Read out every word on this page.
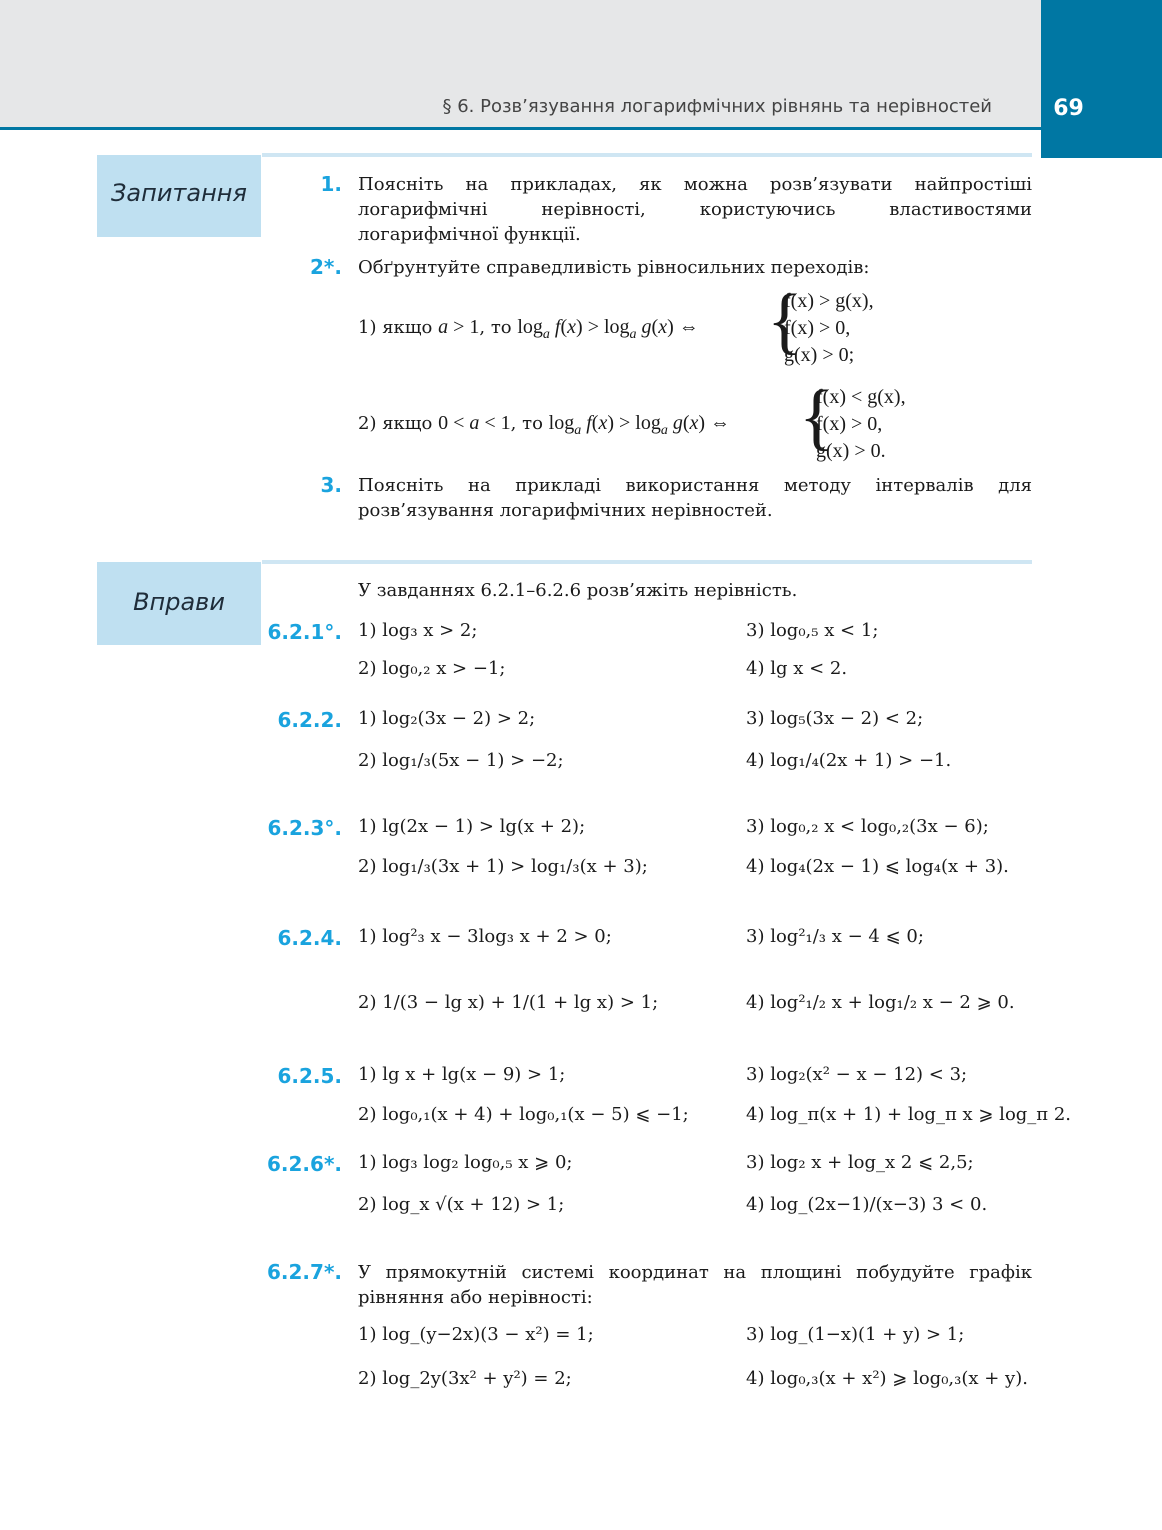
69
§ 6. Розв’язування логарифмічних рівнянь та нерівностей
Запитання	1. Поясніть на прикладах, як можна розв’язувати найпростіші логарифмічні нерівності, користуючись властивостями логарифмічної функції.
2*. Обґрунтуйте справедливість рівносильних переходів:
1) якщо a > 1, то $\log_a f(x) > \log_a g(x)$ ⇔ {
f(x) > g(x),
f(x) > 0,
g(x) > 0;
2) якщо 0 < a < 1, то $\log_a f(x) > \log_a g(x)$ ⇔ {
f(x) < g(x),
f(x) > 0,
g(x) > 0.
3. Поясніть на прикладі використання методу інтервалів для розв’язування логарифмічних нерівностей.
Вправи	У завданнях 6.2.1–6.2.6 розв’яжіть нерівність.
6.2.1°. 1) log₃ x > 2;
2) log₀,₂ x > −1;
3) log₀,₅ x < 1;
4) lg x < 2.
6.2.2. 1) log₂(3x − 2) > 2;
2) log₁/₃(5x − 1) > −2;
3) log₅(3x − 2) < 2;
4) log₁/₄(2x + 1) > −1.
6.2.3°. 1) lg(2x − 1) > lg(x + 2);
2) log₁/₃(3x + 1) > log₁/₃(x + 3);
3) log₀,₂ x < log₀,₂(3x − 6);
4) log₄(2x − 1) ⩽ log₄(x + 3).
6.2.4. 1) log²₃ x − 3log₃ x + 2 > 0;
2) 1/(3 − lg x) + 1/(1 + lg x) > 1;
3) log²₁/₃ x − 4 ⩽ 0;
4) log²₁/₂ x + log₁/₂ x − 2 ⩾ 0.
6.2.5. 1) lg x + lg(x − 9) > 1;
2) log₀,₁(x + 4) + log₀,₁(x − 5) ⩽ −1;
3) log₂(x² − x − 12) < 3;
4) log_π(x + 1) + log_π x ⩾ log_π 2.
6.2.6*. 1) log₃ log₂ log₀,₅ x ⩾ 0;
2) log_x √(x + 12) > 1;
3) log₂ x + log_x 2 ⩽ 2,5;
4) log_(2x−1)/(x−3) 3 < 0.
6.2.7*. У прямокутній системі координат на площині побудуйте графік рівняння або нерівності:
1) log_(y−2x)(3 − x²) = 1;
2) log_2y(3x² + y²) = 2;
3) log_(1−x)(1 + y) > 1;
4) log₀,₃(x + x²) ⩾ log₀,₃(x + y).
